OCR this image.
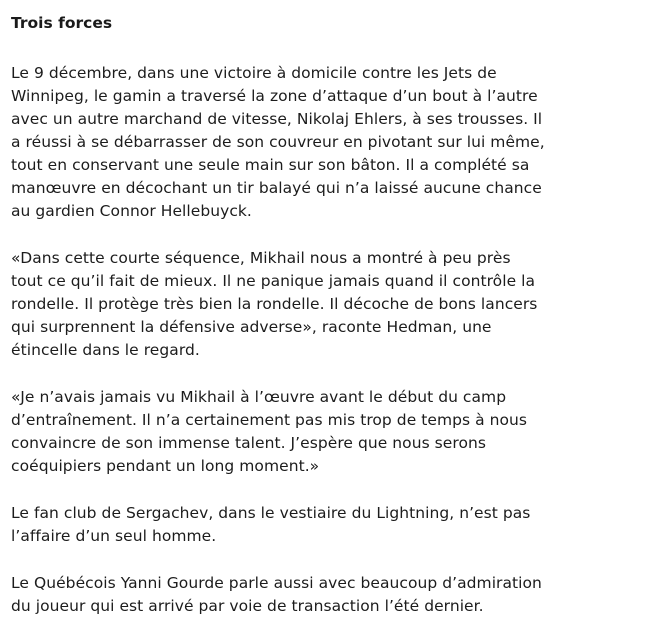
Trois forces

Le 9 décembre, dans une victoire à domicile contre les Jets de
Winnipeg, le gamin a traversé la zone d’attaque d’un bout à l’autre
avec un autre marchand de vitesse, Nikolaj Ehlers, à ses trousses. Il
a réussi à se débarrasser de son couvreur en pivotant sur lui même,
tout en conservant une seule main sur son bâton. Il a complété sa
manœuvre en décochant un tir balayé qui n’a laissé aucune chance
au gardien Connor Hellebuyck.

«Dans cette courte séquence, Mikhail nous a montré à peu près
tout ce qu’il fait de mieux. Il ne panique jamais quand il contrôle la
rondelle. Il protège très bien la rondelle. Il décoche de bons lancers
qui surprennent la défensive adverse», raconte Hedman, une
étincelle dans le regard.

«Je n’avais jamais vu Mikhail à l’œuvre avant le début du camp
d’entraînement. Il n’a certainement pas mis trop de temps à nous
convaincre de son immense talent. J’espère que nous serons
coéquipiers pendant un long moment.»

Le fan club de Sergachev, dans le vestiaire du Lightning, n’est pas
l’affaire d’un seul homme.

Le Québécois Yanni Gourde parle aussi avec beaucoup d’admiration
du joueur qui est arrivé par voie de transaction l’été dernier.
